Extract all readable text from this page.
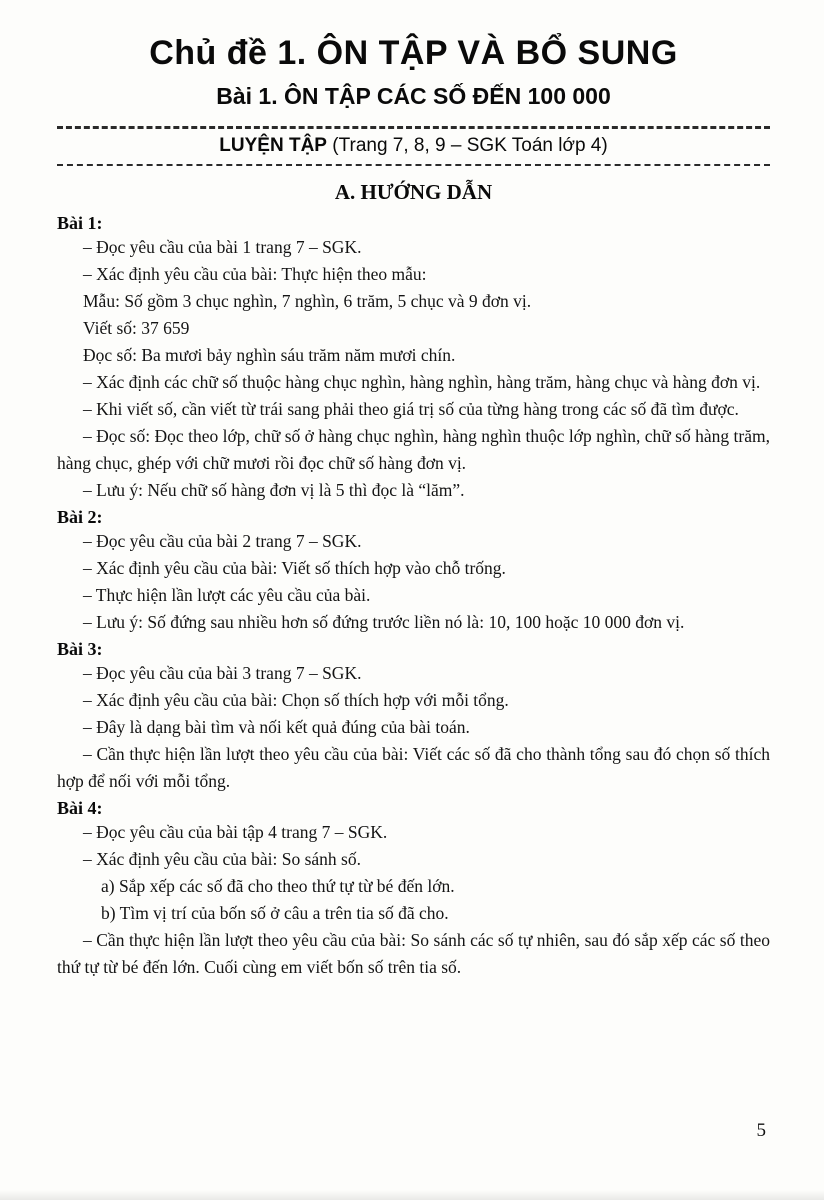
Chủ đề 1. ÔN TẬP VÀ BỔ SUNG
Bài 1. ÔN TẬP CÁC SỐ ĐẾN 100 000
LUYỆN TẬP (Trang 7, 8, 9 – SGK Toán lớp 4)
A. HƯỚNG DẪN
Bài 1:

– Đọc yêu cầu của bài 1 trang 7 – SGK.

– Xác định yêu cầu của bài: Thực hiện theo mẫu:

Mẫu: Số gồm 3 chục nghìn, 7 nghìn, 6 trăm, 5 chục và 9 đơn vị.

Viết số: 37 659

Đọc số: Ba mươi bảy nghìn sáu trăm năm mươi chín.

– Xác định các chữ số thuộc hàng chục nghìn, hàng nghìn, hàng trăm, hàng chục và hàng đơn vị.

– Khi viết số, cần viết từ trái sang phải theo giá trị số của từng hàng trong các số đã tìm được.

– Đọc số: Đọc theo lớp, chữ số ở hàng chục nghìn, hàng nghìn thuộc lớp nghìn, chữ số hàng trăm, hàng chục, ghép với chữ mươi rồi đọc chữ số hàng đơn vị.

– Lưu ý: Nếu chữ số hàng đơn vị là 5 thì đọc là “lăm”.

Bài 2:

– Đọc yêu cầu của bài 2 trang 7 – SGK.

– Xác định yêu cầu của bài: Viết số thích hợp vào chỗ trống.

– Thực hiện lần lượt các yêu cầu của bài.

– Lưu ý: Số đứng sau nhiều hơn số đứng trước liền nó là: 10, 100 hoặc 10 000 đơn vị.

Bài 3:

– Đọc yêu cầu của bài 3 trang 7 – SGK.

– Xác định yêu cầu của bài: Chọn số thích hợp với mỗi tổng.

– Đây là dạng bài tìm và nối kết quả đúng của bài toán.

– Cần thực hiện lần lượt theo yêu cầu của bài: Viết các số đã cho thành tổng sau đó chọn số thích hợp để nối với mỗi tổng.

Bài 4:

– Đọc yêu cầu của bài tập 4 trang 7 – SGK.

– Xác định yêu cầu của bài: So sánh số.

a) Sắp xếp các số đã cho theo thứ tự từ bé đến lớn.

b) Tìm vị trí của bốn số ở câu a trên tia số đã cho.

– Cần thực hiện lần lượt theo yêu cầu của bài: So sánh các số tự nhiên, sau đó sắp xếp các số theo thứ tự từ bé đến lớn. Cuối cùng em viết bốn số trên tia số.

5
